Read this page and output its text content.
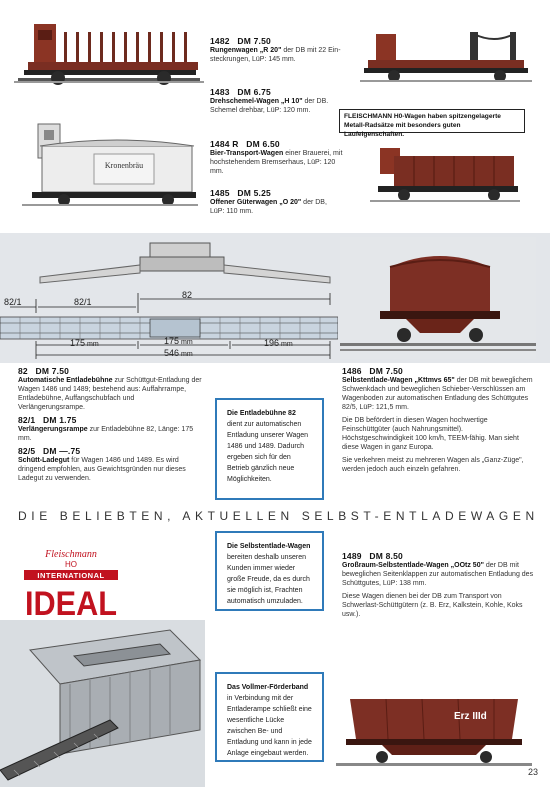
Kronenbräu
1482 DM 7.50
Rungenwagen „R 20" der DB mit 22 Ein-
steckrungen, LüP: 145 mm.
1483 DM 6.75
Drehschemel-Wagen „H 10" der DB.
Schemel drehbar, LüP: 120 mm.
FLEISCHMANN H0-Wagen haben spitzengelagerte Metall-Radsätze mit besonders guten Laufeigenschaften.
1484 R DM 6.50
Bier-Transport-Wagen einer Brauerei, mit
hochstehendem Bremserhaus, LüP: 120 mm.
1485 DM 5.25
Offener Güterwagen „O 20" der DB,
LüP: 110 mm.
82/1	82/1
82
175 mm	175 mm	196 mm
546 mm
82 DM 7.50
Automatische Entladebühne zur Schüttgut-Entladung der Wagen 1486 und 1489; bestehend aus: Auffahrrampe, Entladebühne, Auffangschubfach und Verlängerungsrampe.
82/1 DM 1.75
Verlängerungsrampe zur Entladebühne 82, Länge: 175 mm.
82/5 DM —.75
Schütt-Ladegut für Wagen 1486 und 1489. Es wird dringend empfohlen, aus Gewichtsgründen nur dieses Ladegut zu verwenden.
Die Entladebühne 82 dient zur automatischen Entladung unserer Wagen 1486 und 1489. Dadurch ergeben sich für den Betrieb gänzlich neue Möglichkeiten.
1486 DM 7.50
Selbstentlade-Wagen „Kttmvs 65" der DB mit beweglichem Schwenkdach und beweglichen Schieber-Verschlüssen am Wagenboden zur automatischen Entladung des Schüttgutes 82/5, LüP: 121,5 mm.
Die DB befördert in diesen Wagen hochwertige Feinschüttgüter (auch Nahrungsmittel). Höchstgeschwindigkeit 100 km/h, TEEM-fähig. Man sieht diese Wagen in ganz Europa.
Sie verkehren meist zu mehreren Wagen als „Ganz-Züge", werden jedoch auch einzeln gefahren.
DIE BELIEBTEN, AKTUELLEN SELBST-ENTLADEWAGEN
Fleischmann
HO
INTERNATIONAL
IDEAL
Die Selbstentlade-Wagen bereiten deshalb unseren Kunden immer wieder große Freude, da es durch sie möglich ist, Frachten automatisch umzuladen.
1489 DM 8.50
Großraum-Selbstentlade-Wagen „OOtz 50" der DB mit beweglichen Seitenklappen zur automatischen Entladung des Schüttgutes, LüP: 138 mm.
Diese Wagen dienen bei der DB zum Transport von Schwerlast-Schüttgütern (z. B. Erz, Kalkstein, Kohle, Koks usw.).
Das Vollmer-Förderband in Verbindung mit der Entladerampe schließt eine wesentliche Lücke zwischen Be- und Entladung und kann in jede Anlage eingebaut werden.
Erz IIId
23
